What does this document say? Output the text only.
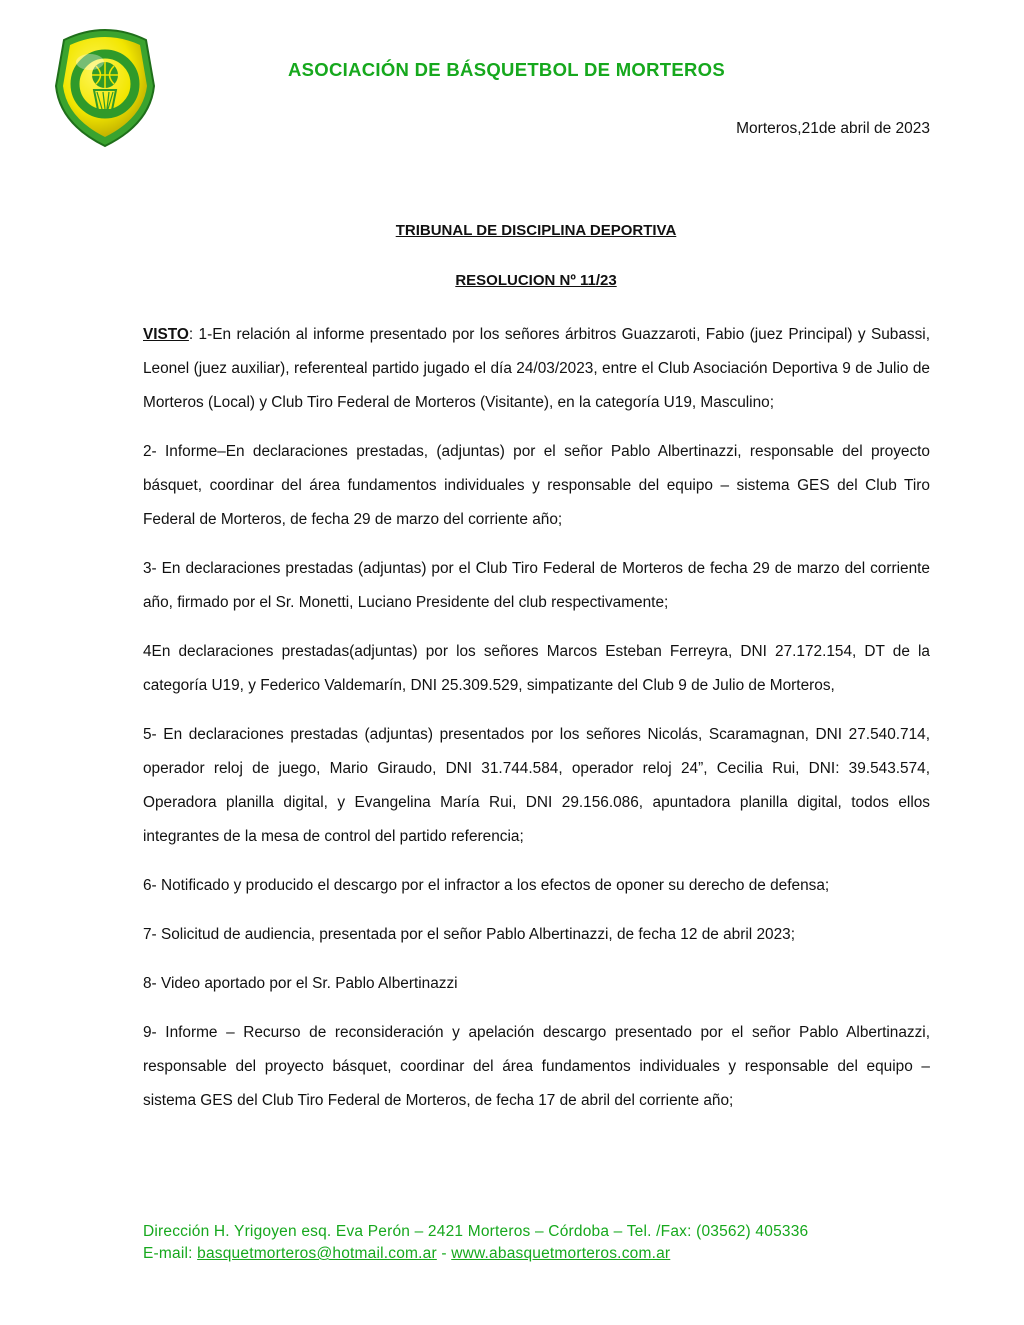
ASOCIACIÓN DE BÁSQUETBOL DE MORTEROS
Morteros,21de abril de 2023
TRIBUNAL DE DISCIPLINA DEPORTIVA
RESOLUCION Nº 11/23

VISTO: 1-En relación al informe presentado por los señores árbitros Guazzaroti, Fabio (juez Principal) y Subassi, Leonel (juez auxiliar), referenteal partido jugado el día 24/03/2023, entre el Club Asociación Deportiva 9 de Julio de Morteros (Local) y Club Tiro Federal de Morteros (Visitante), en la categoría U19, Masculino;

2- Informe–En declaraciones prestadas, (adjuntas) por el señor Pablo Albertinazzi, responsable del proyecto básquet, coordinar del área fundamentos individuales y responsable del equipo – sistema GES del Club Tiro Federal de Morteros, de fecha 29 de marzo del corriente año;

3- En declaraciones prestadas (adjuntas) por el Club Tiro Federal de Morteros de fecha 29 de marzo del corriente año, firmado por el Sr. Monetti, Luciano Presidente del club respectivamente;

4En declaraciones prestadas(adjuntas) por los señores Marcos Esteban Ferreyra, DNI 27.172.154, DT de la categoría U19, y Federico Valdemarín, DNI 25.309.529, simpatizante del Club 9 de Julio de Morteros,

5- En declaraciones prestadas (adjuntas) presentados por los señores Nicolás, Scaramagnan, DNI 27.540.714, operador reloj de juego, Mario Giraudo, DNI 31.744.584, operador reloj 24”, Cecilia Rui, DNI: 39.543.574, Operadora planilla digital, y Evangelina María Rui, DNI 29.156.086, apuntadora planilla digital, todos ellos integrantes de la mesa de control del partido referencia;

6- Notificado y producido el descargo por el infractor a los efectos de oponer su derecho de defensa;

7- Solicitud de audiencia, presentada por el señor Pablo Albertinazzi, de fecha 12 de abril 2023;

8- Video aportado por el Sr. Pablo Albertinazzi

9- Informe – Recurso de reconsideración y apelación descargo presentado por el señor Pablo Albertinazzi, responsable del proyecto básquet, coordinar del área fundamentos individuales y responsable del equipo – sistema GES del Club Tiro Federal de Morteros, de fecha 17 de abril del corriente año;

Dirección H. Yrigoyen esq. Eva Perón – 2421 Morteros – Córdoba – Tel. /Fax: (03562) 405336
E-mail: basquetmorteros@hotmail.com.ar - www.abasquetmorteros.com.ar
